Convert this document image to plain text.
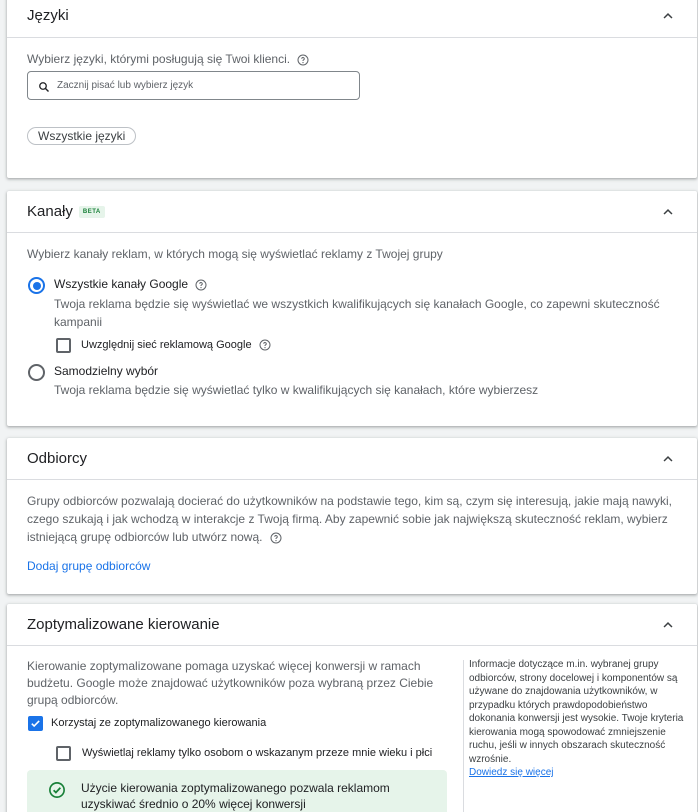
Języki
Wybierz języki, którymi posługują się Twoi klienci.
Zacznij pisać lub wybierz język
Wszystkie języki
Kanały	BETA
Wybierz kanały reklam, w których mogą się wyświetlać reklamy z Twojej grupy
Wszystkie kanały Google
Twoja reklama będzie się wyświetlać we wszystkich kwalifikujących się kanałach Google, co zapewni skuteczność kampanii
Uwzględnij sieć reklamową Google
Samodzielny wybór
Twoja reklama będzie się wyświetlać tylko w kwalifikujących się kanałach, które wybierzesz
Odbiorcy
Grupy odbiorców pozwalają docierać do użytkowników na podstawie tego, kim są, czym się interesują, jakie mają nawyki, czego szukają i jak wchodzą w interakcje z Twoją firmą. Aby zapewnić sobie jak największą skuteczność reklam, wybierz istniejącą grupę odbiorców lub utwórz nową.
Dodaj grupę odbiorców
Zoptymalizowane kierowanie
Kierowanie zoptymalizowane pomaga uzyskać więcej konwersji w ramach budżetu. Google może znajdować użytkowników poza wybraną przez Ciebie grupą odbiorców.
Korzystaj ze zoptymalizowanego kierowania
Wyświetlaj reklamy tylko osobom o wskazanym przeze mnie wieku i płci
Informacje dotyczące m.in. wybranej grupy odbiorców, strony docelowej i komponentów są używane do znajdowania użytkowników, w przypadku których prawdopodobieństwo dokonania konwersji jest wysokie. Twoje kryteria kierowania mogą spowodować zmniejszenie ruchu, jeśli w innych obszarach skuteczność wzrośnie.
Dowiedz się więcej
Użycie kierowania zoptymalizowanego pozwala reklamom uzyskiwać średnio o 20% więcej konwersji
